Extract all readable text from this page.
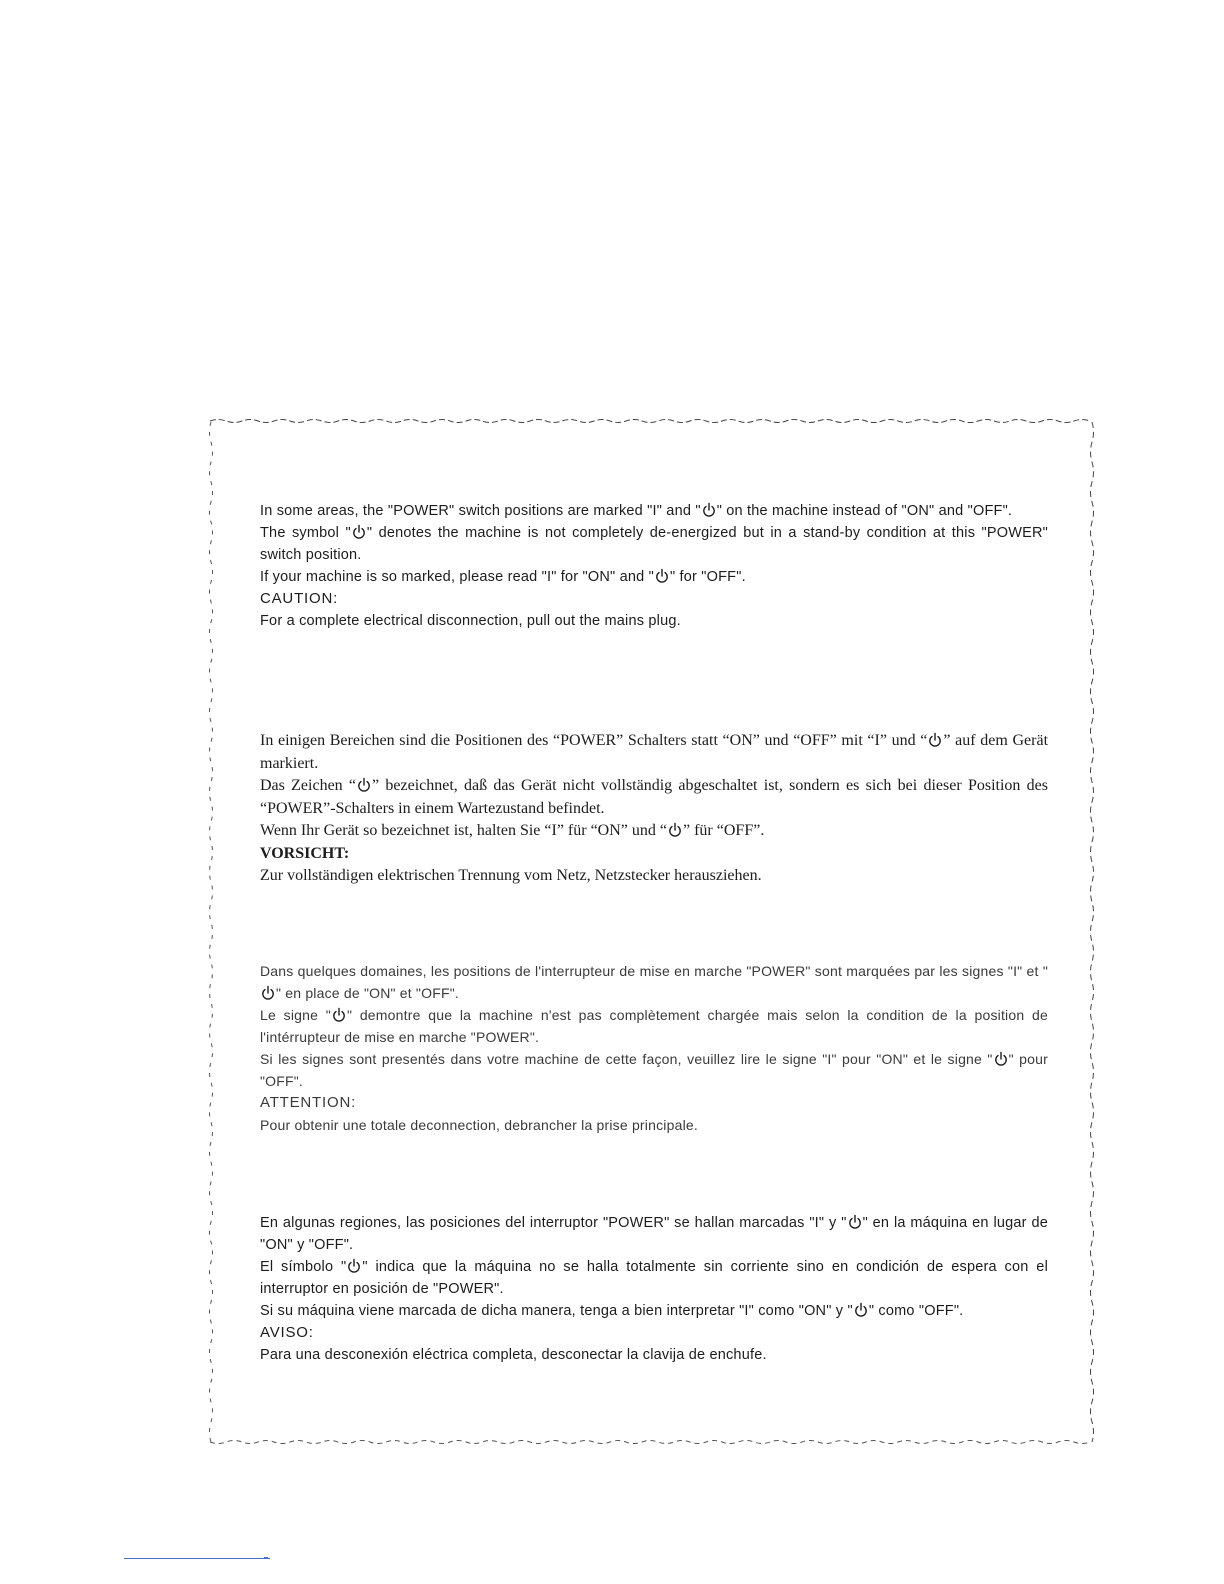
In some areas, the "POWER" switch positions are marked "I" and " " on the machine instead of "ON" and "OFF".

The symbol " " denotes the machine is not completely de-energized but in a stand-by condition at this "POWER" switch position.

If your machine is so marked, please read "I" for "ON" and " " for "OFF".

CAUTION:

For a complete electrical disconnection, pull out the mains plug.

In einigen Bereichen sind die Positionen des “POWER” Schalters statt “ON” und “OFF” mit “I” und “ ” auf dem Gerät markiert.

Das Zeichen “ ” bezeichnet, daß das Gerät nicht vollständig abgeschaltet ist, sondern es sich bei dieser Position des “POWER”-Schalters in einem Wartezustand befindet.

Wenn Ihr Gerät so bezeichnet ist, halten Sie “I” für “ON” und “ ” für “OFF”.

VORSICHT:

Zur vollständigen elektrischen Trennung vom Netz, Netzstecker herausziehen.

Dans quelques domaines, les positions de l'interrupteur de mise en marche "POWER" sont marquées par les signes "I" et "" en place de "ON" et "OFF".

Le signe " " demontre que la machine n'est pas complètement chargée mais selon la condition de la position de l'intérrupteur de mise en marche "POWER".

Si les signes sont presentés dans votre machine de cette façon, veuillez lire le signe "I" pour "ON" et le signe " " pour "OFF".

ATTENTION:

Pour obtenir une totale deconnection, debrancher la prise principale.

En algunas regiones, las posiciones del interruptor "POWER" se hallan marcadas "I" y " " en la máquina en lugar de "ON" y "OFF".

El símbolo " " indica que la máquina no se halla totalmente sin corriente sino en condición de espera con el interruptor en posición de "POWER".

Si su máquina viene marcada de dicha manera, tenga a bien interpretar "I" como "ON" y " " como "OFF".

AVISO:

Para una desconexión eléctrica completa, desconectar la clavija de enchufe.
